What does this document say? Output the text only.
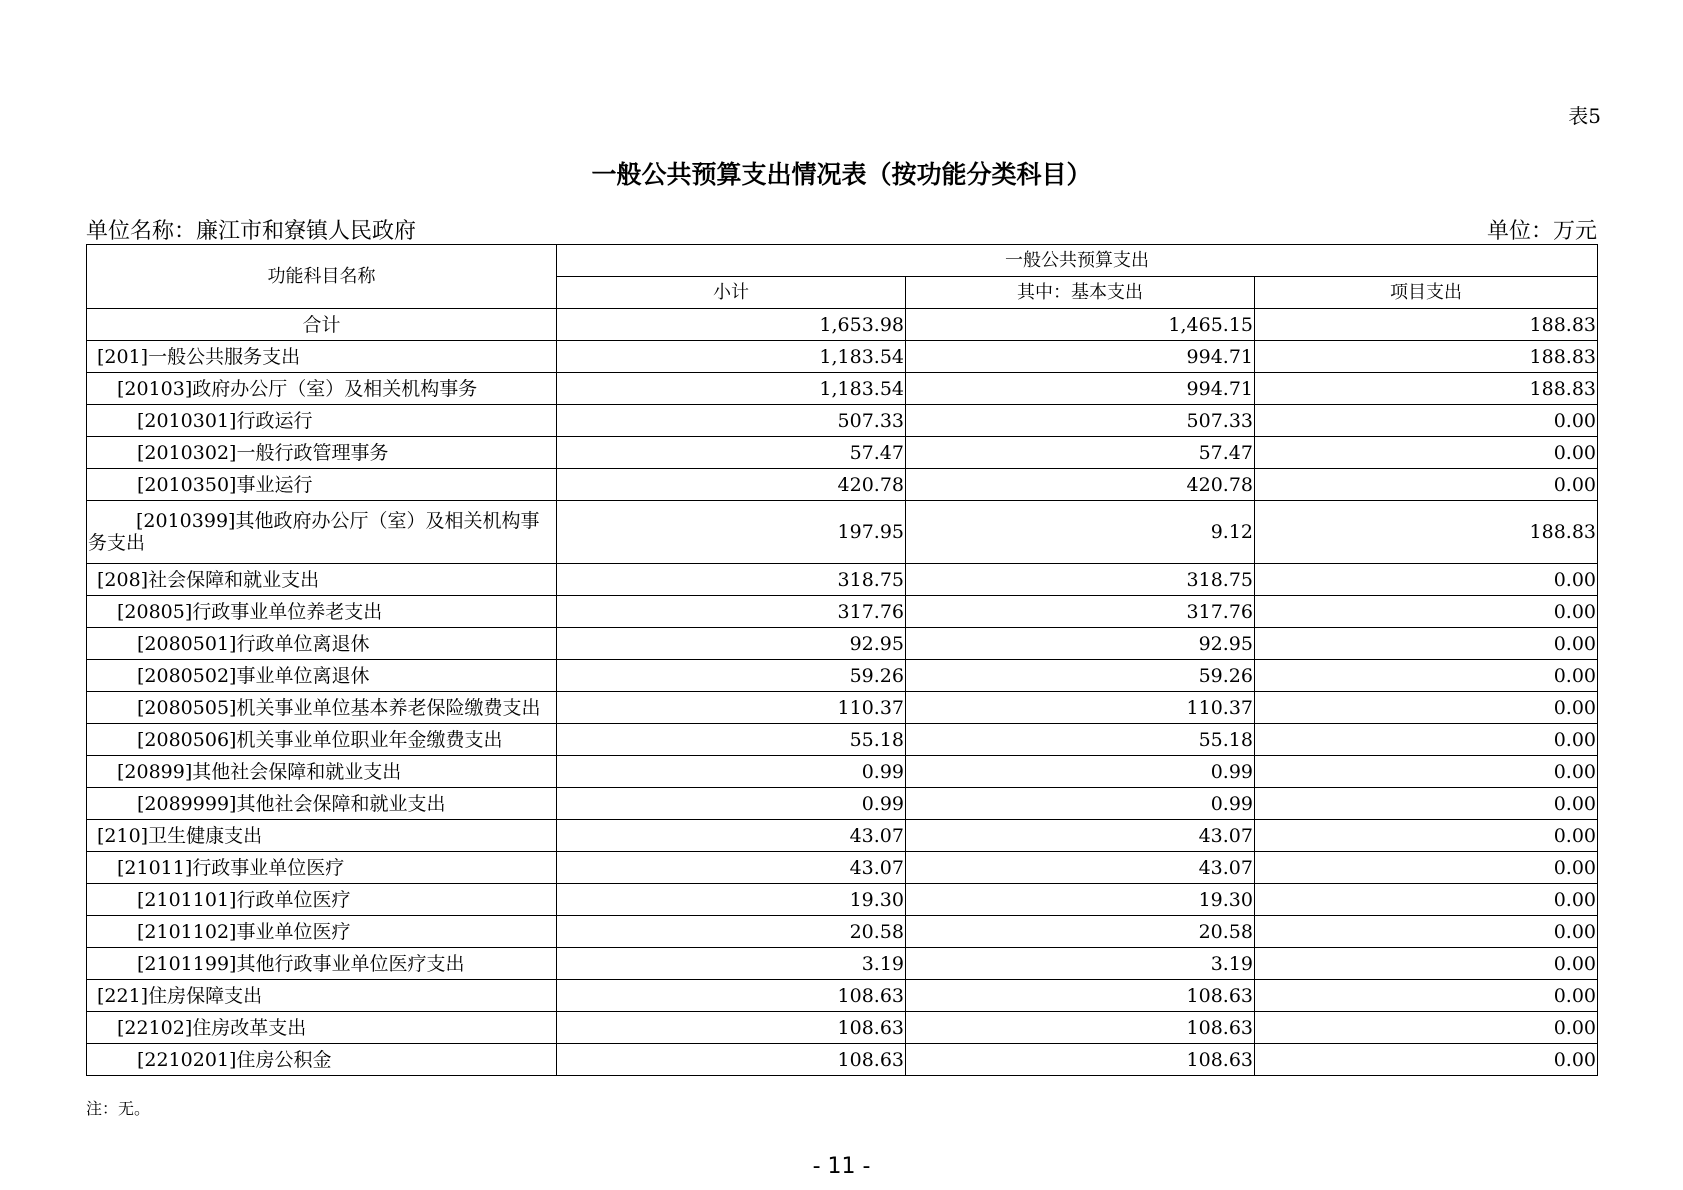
表5
一般公共预算支出情况表（按功能分类科目）
单位名称：廉江市和寮镇人民政府	单位：万元
功能科目名称	一般公共预算支出		
	小计	其中：基本支出	项目支出
合计	1,653.98	1,465.15	188.83
[201]一般公共服务支出	1,183.54	994.71	188.83
[20103]政府办公厅（室）及相关机构事务	1,183.54	994.71	188.83
[2010301]行政运行	507.33	507.33	0.00
[2010302]一般行政管理事务	57.47	57.47	0.00
[2010350]事业运行	420.78	420.78	0.00
[2010399]其他政府办公厅（室）及相关机构事务支出	197.95	9.12	188.83
[208]社会保障和就业支出	318.75	318.75	0.00
[20805]行政事业单位养老支出	317.76	317.76	0.00
[2080501]行政单位离退休	92.95	92.95	0.00
[2080502]事业单位离退休	59.26	59.26	0.00
[2080505]机关事业单位基本养老保险缴费支出	110.37	110.37	0.00
[2080506]机关事业单位职业年金缴费支出	55.18	55.18	0.00
[20899]其他社会保障和就业支出	0.99	0.99	0.00
[2089999]其他社会保障和就业支出	0.99	0.99	0.00
[210]卫生健康支出	43.07	43.07	0.00
[21011]行政事业单位医疗	43.07	43.07	0.00
[2101101]行政单位医疗	19.30	19.30	0.00
[2101102]事业单位医疗	20.58	20.58	0.00
[2101199]其他行政事业单位医疗支出	3.19	3.19	0.00
[221]住房保障支出	108.63	108.63	0.00
[22102]住房改革支出	108.63	108.63	0.00
[2210201]住房公积金	108.63	108.63	0.00
注：无。
- 11 -
